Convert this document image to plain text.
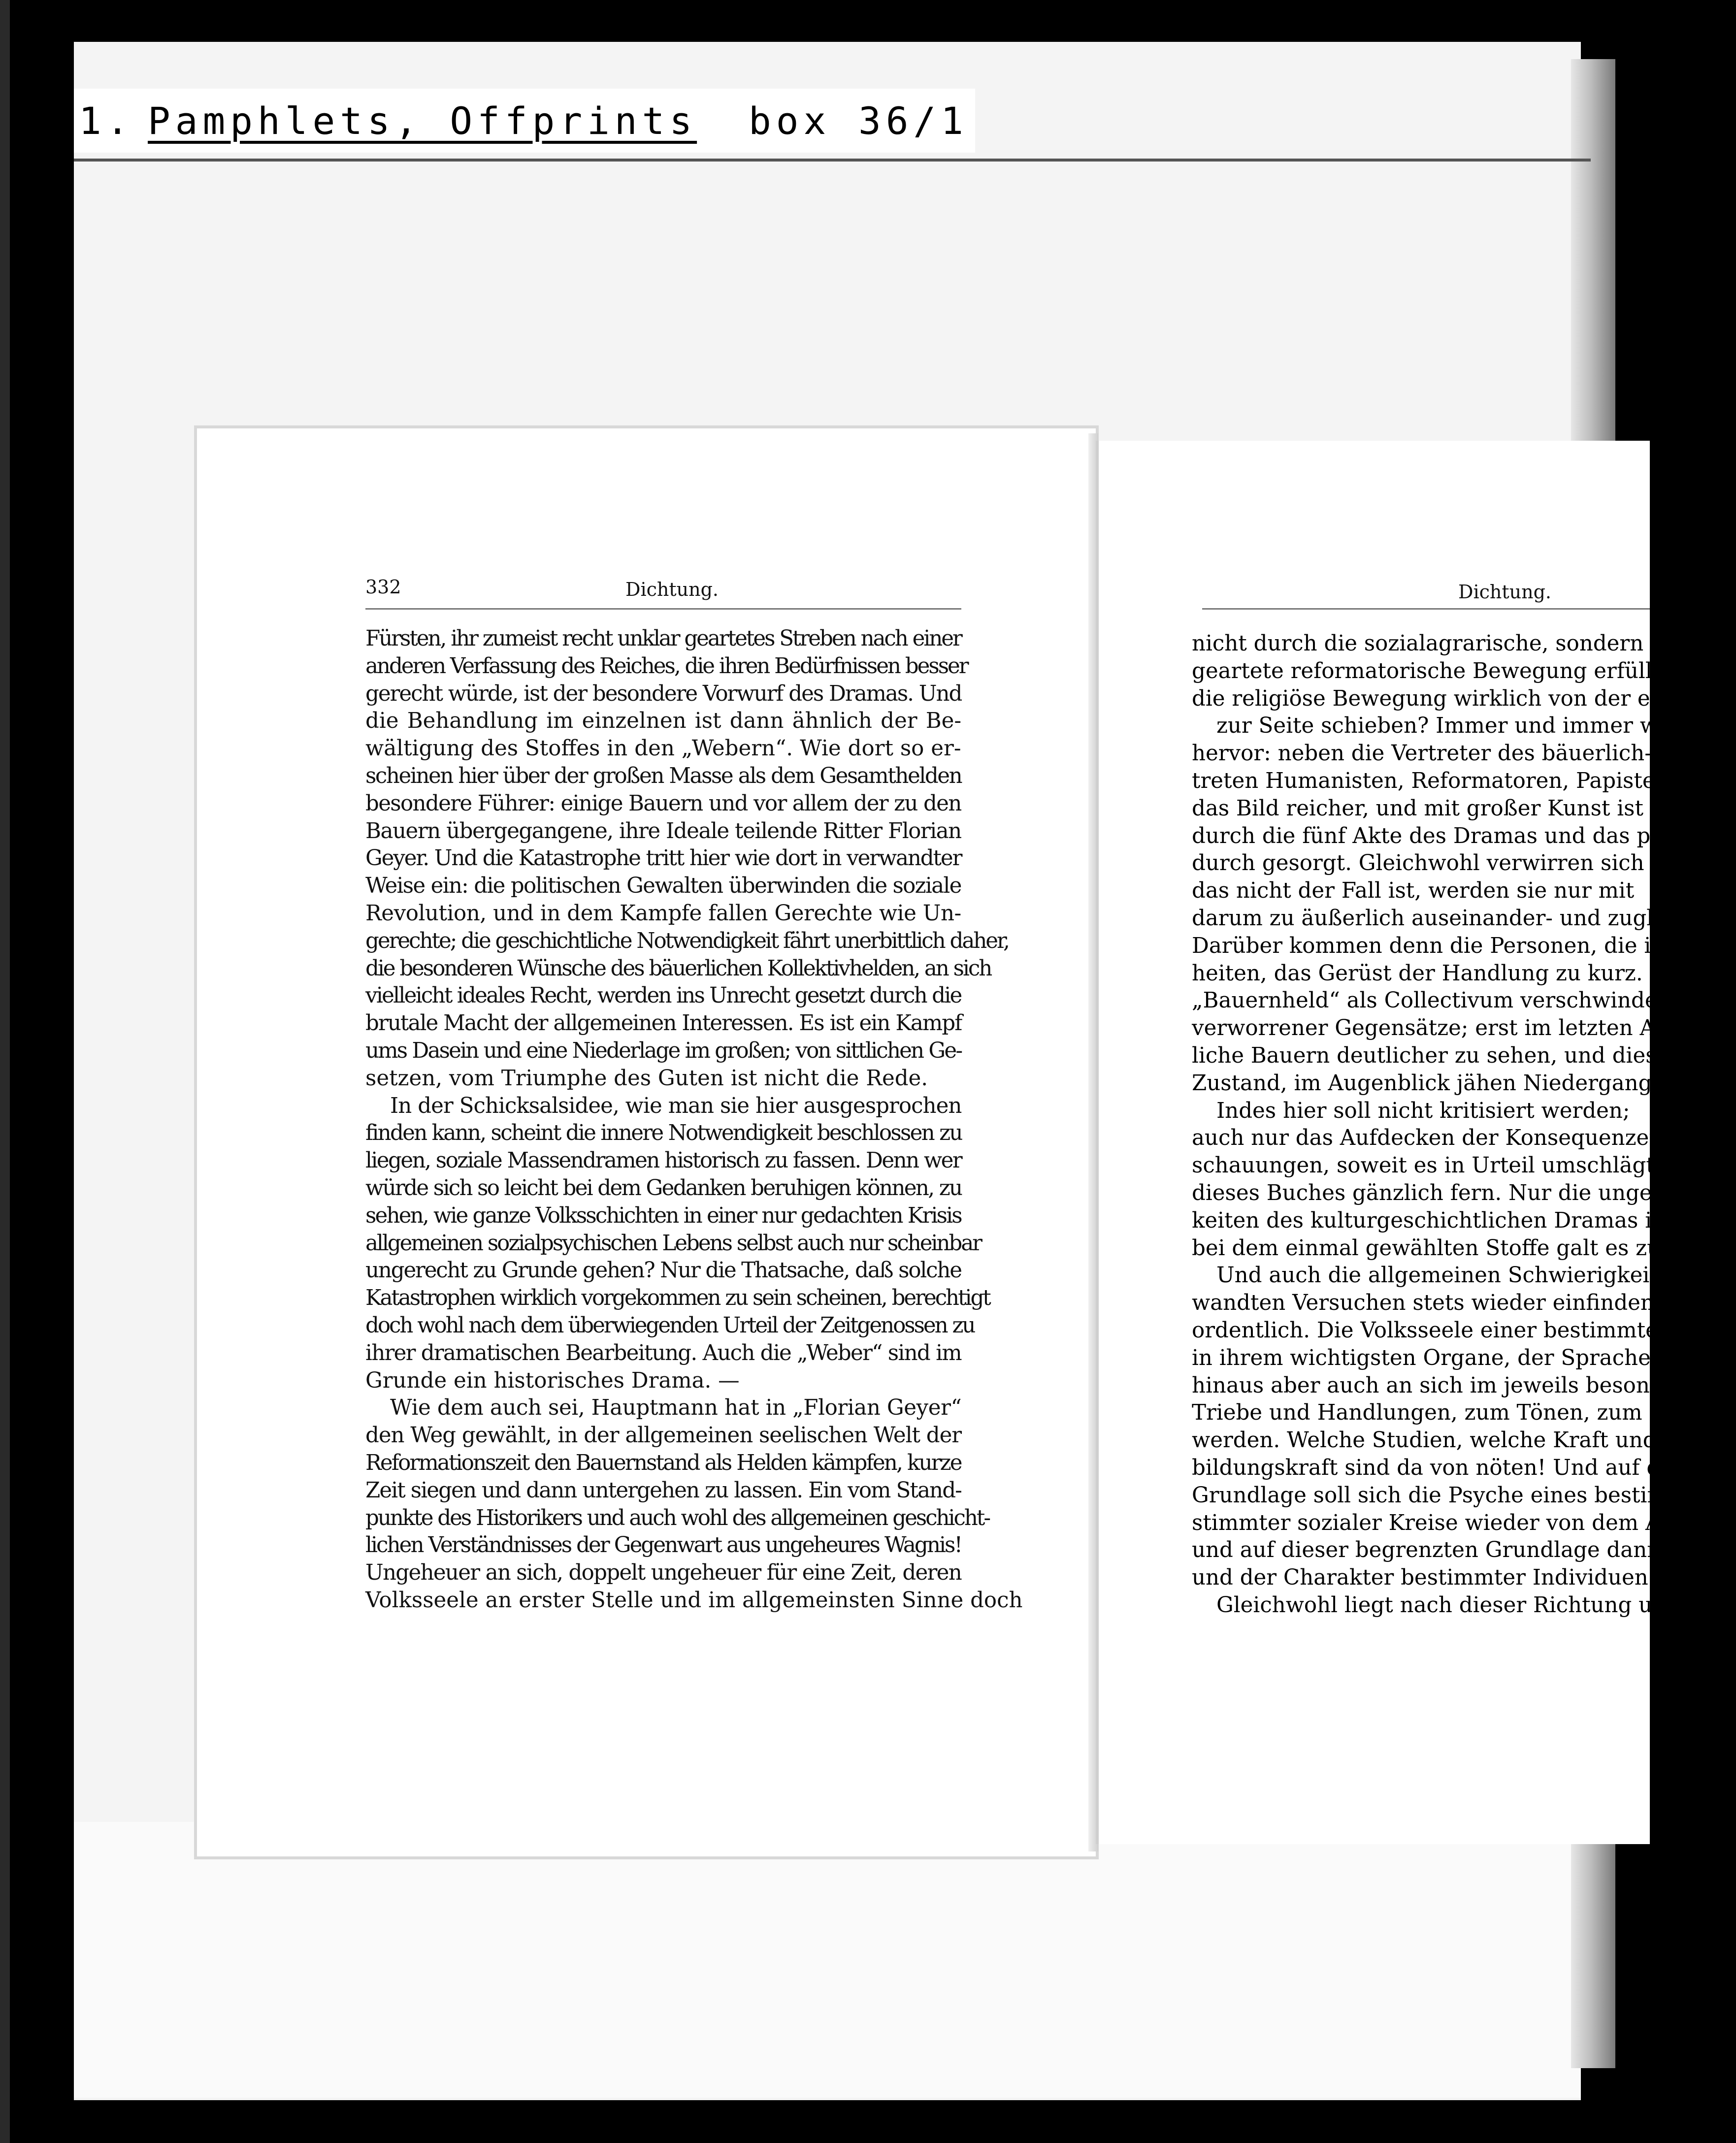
1. Pamphlets, Offprints box 36/1
332	Dichtung.
Fürsten, ihr zumeist recht unklar geartetes Streben nach einer
anderen Verfassung des Reiches, die ihren Bedürfnissen besser
gerecht würde, ist der besondere Vorwurf des Dramas. Und
die Behandlung im einzelnen ist dann ähnlich der Be-
wältigung des Stoffes in den „Webern“. Wie dort so er-
scheinen hier über der großen Masse als dem Gesamthelden
besondere Führer: einige Bauern und vor allem der zu den
Bauern übergegangene, ihre Ideale teilende Ritter Florian
Geyer. Und die Katastrophe tritt hier wie dort in verwandter
Weise ein: die politischen Gewalten überwinden die soziale
Revolution, und in dem Kampfe fallen Gerechte wie Un-
gerechte; die geschichtliche Notwendigkeit fährt unerbittlich daher,
die besonderen Wünsche des bäuerlichen Kollektivhelden, an sich
vielleicht ideales Recht, werden ins Unrecht gesetzt durch die
brutale Macht der allgemeinen Interessen. Es ist ein Kampf
ums Dasein und eine Niederlage im großen; von sittlichen Ge-
setzen, vom Triumphe des Guten ist nicht die Rede.
In der Schicksalsidee, wie man sie hier ausgesprochen
finden kann, scheint die innere Notwendigkeit beschlossen zu
liegen, soziale Massendramen historisch zu fassen. Denn wer
würde sich so leicht bei dem Gedanken beruhigen können, zu
sehen, wie ganze Volksschichten in einer nur gedachten Krisis
allgemeinen sozialpsychischen Lebens selbst auch nur scheinbar
ungerecht zu Grunde gehen? Nur die Thatsache, daß solche
Katastrophen wirklich vorgekommen zu sein scheinen, berechtigt
doch wohl nach dem überwiegenden Urteil der Zeitgenossen zu
ihrer dramatischen Bearbeitung. Auch die „Weber“ sind im
Grunde ein historisches Drama. —
Wie dem auch sei, Hauptmann hat in „Florian Geyer“
den Weg gewählt, in der allgemeinen seelischen Welt der
Reformationszeit den Bauernstand als Helden kämpfen, kurze
Zeit siegen und dann untergehen zu lassen. Ein vom Stand-
punkte des Historikers und auch wohl des allgemeinen geschicht-
lichen Verständnisses der Gegenwart aus ungeheures Wagnis!
Ungeheuer an sich, doppelt ungeheuer für eine Zeit, deren
Volksseele an erster Stelle und im allgemeinsten Sinne doch
Dichtung.
nicht durch die sozialagrarische, sondern durch
geartete reformatorische Bewegung erfüllt wa
die religiöse Bewegung wirklich von der ersten
zur Seite schieben? Immer und immer wiede
hervor: neben die Vertreter des bäuerlich-gutsh
treten Humanisten, Reformatoren, Papisten. Ger
das Bild reicher, und mit großer Kunst ist für
durch die fünf Akte des Dramas und das prächtig
durch gesorgt. Gleichwohl verwirren sich die
das nicht der Fall ist, werden sie nur mit
darum zu äußerlich auseinander- und zugleich zu
Darüber kommen denn die Personen, die individ
heiten, das Gerüst der Handlung zu kurz.
„Bauernheld“ als Collectivum verschwindet u
verworrener Gegensätze; erst im letzten Akt beko
liche Bauern deutlicher zu sehen, und diese nur
Zustand, im Augenblick jähen Niedergangs ihre
Indes hier soll nicht kritisiert werden;
auch nur das Aufdecken der Konsequenzen
schauungen, soweit es in Urteil umschlägt, lie
dieses Buches gänzlich fern. Nur die ungeheu
keiten des kulturgeschichtlichen Dramas im vor
bei dem einmal gewählten Stoffe galt es zu be
Und auch die allgemeinen Schwierigkeiten,
wandten Versuchen stets wieder einfinden werde
ordentlich. Die Volksseele einer bestimmten Zeit
in ihrem wichtigsten Organe, der Sprache der
hinaus aber auch an sich im jeweils besonderen
Triebe und Handlungen, zum Tönen, zum
werden. Welche Studien, welche Kraft und D
bildungskraft sind da von nöten! Und auf die
Grundlage soll sich die Psyche eines bestimmten
stimmter sozialer Kreise wieder von dem Allgem
und auf dieser begrenzten Grundlage dann noch
und der Charakter bestimmter Individuen!
Gleichwohl liegt nach dieser Richtung unz
